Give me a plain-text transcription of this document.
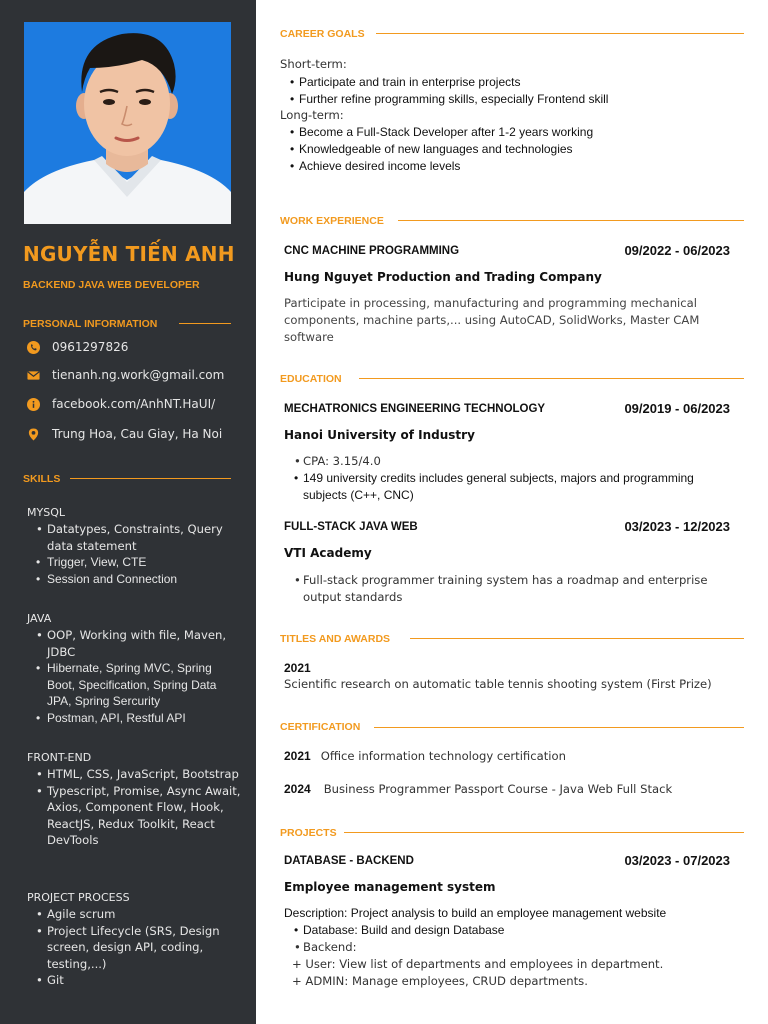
NGUYỄN TIẾN ANH
BACKEND JAVA WEB DEVELOPER
PERSONAL INFORMATION
0961297826
tienanh.ng.work@gmail.com
facebook.com/AnhNT.HaUI/
Trung Hoa, Cau Giay, Ha Noi
SKILLS
MYSQL
• Datatypes, Constraints, Query data statement
• Trigger, View, CTE
• Session and Connection
JAVA
• OOP, Working with file, Maven, JDBC
• Hibernate, Spring MVC, Spring Boot, Specification, Spring Data JPA, Spring Sercurity
• Postman, API, Restful API
FRONT-END
• HTML, CSS, JavaScript, Bootstrap
• Typescript, Promise, Async Await, Axios, Component Flow, Hook, ReactJS, Redux Toolkit, React DevTools
PROJECT PROCESS
• Agile scrum
• Project Lifecycle (SRS, Design screen, design API, coding, testing,...)
• Git
CAREER GOALS
Short-term:
• Participate and train in enterprise projects
• Further refine programming skills, especially Frontend skill
Long-term:
• Become a Full-Stack Developer after 1-2 years working
• Knowledgeable of new languages and technologies
• Achieve desired income levels
WORK EXPERIENCE
CNC MACHINE PROGRAMMING	09/2022 - 06/2023
Hung Nguyet Production and Trading Company
Participate in processing, manufacturing and programming mechanical components, machine parts,... using AutoCAD, SolidWorks, Master CAM software
EDUCATION
MECHATRONICS ENGINEERING TECHNOLOGY	09/2019 - 06/2023
Hanoi University of Industry
• CPA: 3.15/4.0
• 149 university credits includes general subjects, majors and programming subjects (C++, CNC)
FULL-STACK JAVA WEB	03/2023 - 12/2023
VTI Academy
• Full-stack programmer training system has a roadmap and enterprise output standards
TITLES AND AWARDS
2021
Scientific research on automatic table tennis shooting system (First Prize)
CERTIFICATION
2021 Office information technology certification
2024 Business Programmer Passport Course - Java Web Full Stack
PROJECTS
DATABASE - BACKEND	03/2023 - 07/2023
Employee management system
Description: Project analysis to build an employee management website
• Database: Build and design Database
• Backend:
+ User: View list of departments and employees in department.
+ ADMIN: Manage employees, CRUD departments.
